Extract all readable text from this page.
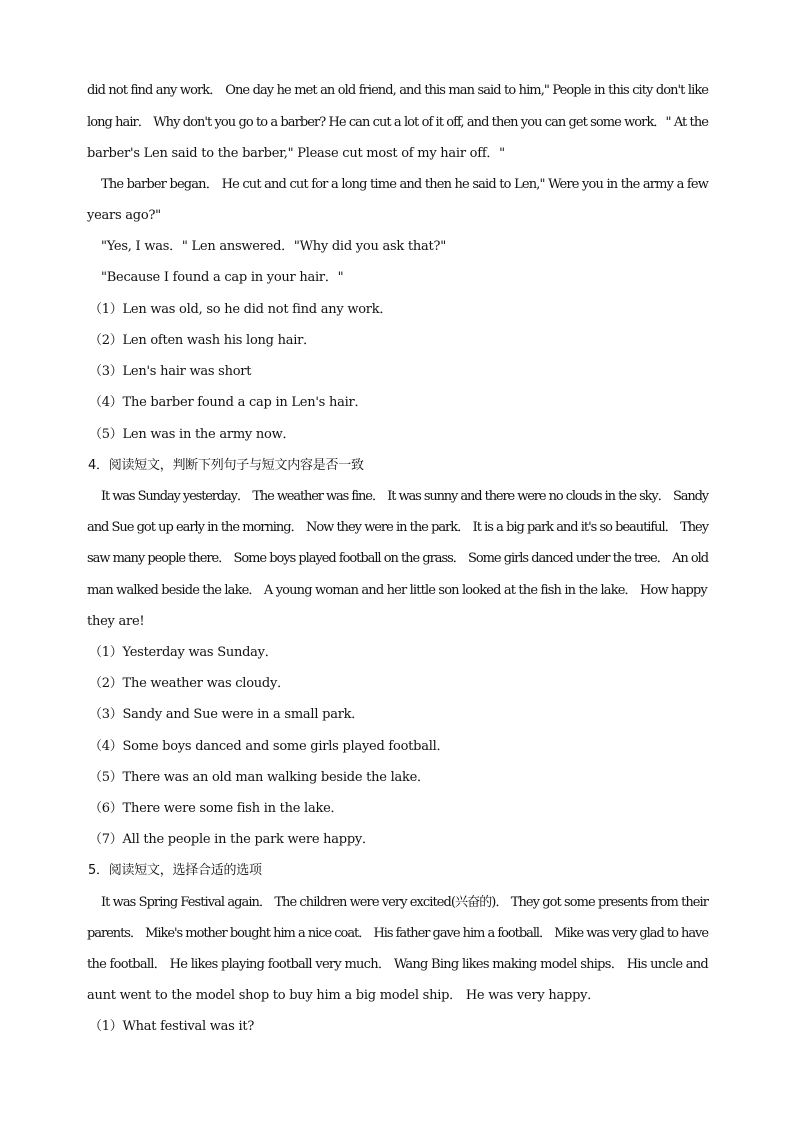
did not find any work． One day he met an old friend, and this man said to him," People in this city don't like
long hair． Why don't you go to a barber? He can cut a lot of it off, and then you can get some work．" At the
barber's Len said to the barber," Please cut most of my hair off．"
The barber began． He cut and cut for a long time and then he said to Len," Were you in the army a few
years ago?"
"Yes, I was．" Len answered．"Why did you ask that?"
"Because I found a cap in your hair．"
（1）Len was old, so he did not find any work．
（2）Len often wash his long hair．
（3）Len's hair was short
（4）The barber found a cap in Len's hair．
（5）Len was in the army now．
4．阅读短文，判断下列句子与短文内容是否一致
It was Sunday yesterday． The weather was fine． It was sunny and there were no clouds in the sky． Sandy
and Sue got up early in the morning． Now they were in the park． It is a big park and it's so beautiful． They
saw many people there． Some boys played football on the grass． Some girls danced under the tree． An old
man walked beside the lake． A young woman and her little son looked at the fish in the lake． How happy
they are!
（1）Yesterday was Sunday．
（2）The weather was cloudy．
（3）Sandy and Sue were in a small park．
（4）Some boys danced and some girls played football．
（5）There was an old man walking beside the lake．
（6）There were some fish in the lake．
（7）All the people in the park were happy．
5．阅读短文，选择合适的选项
It was Spring Festival again． The children were very excited(兴奋的)． They got some presents from their
parents． Mike's mother bought him a nice coat． His father gave him a football． Mike was very glad to have
the football． He likes playing football very much． Wang Bing likes making model ships． His uncle and
aunt went to the model shop to buy him a big model ship． He was very happy．
（1）What festival was it?
